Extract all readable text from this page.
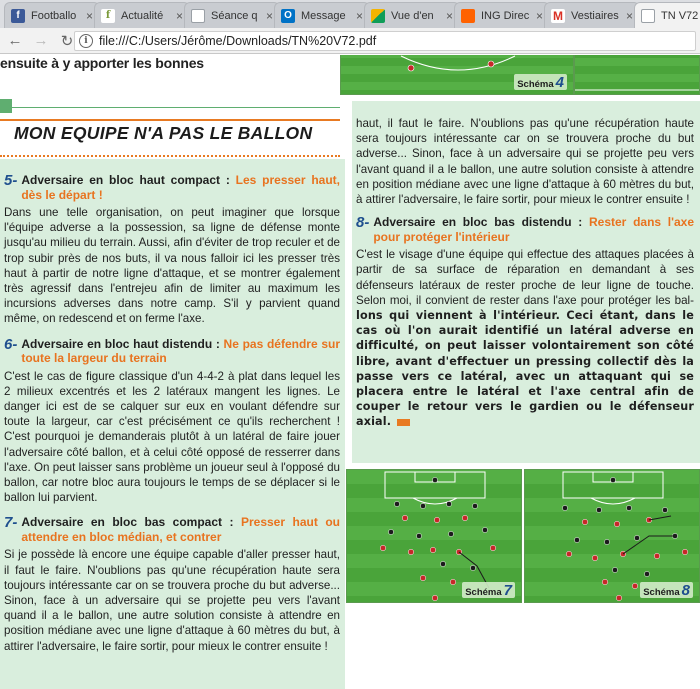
f	Footballo ×	f Actualité	×	Séance q ×	O Message ×	Vue d'en	×	ING Direc × M Vestiaires ×	TN V72
← → ↻	i file:///C:/Users/Jérôme/Downloads/TN%20V72.pdf
ensuite à y apporter les bonnes
MON EQUIPE N'A PAS LE BALLON
5- Adversaire en bloc haut compact : Les presser haut, dès le départ !

Dans une telle organisation, on peut imaginer que lorsque l'équipe adverse a la possession, sa ligne de défense monte jusqu'au milieu du terrain. Aussi, afin d'éviter de trop reculer et de trop subir près de nos buts, il va nous falloir ici les presser très haut à partir de notre ligne d'attaque, et se montrer également très agressif dans l'entrejeu afin de limiter au maximum les incursions adverses dans notre camp. S'il y parvient quand même, on redescend et on ferme l'axe.

6- Adversaire en bloc haut distendu : Ne pas défendre sur toute la largeur du terrain

C'est le cas de figure classique d'un 4-4-2 à plat dans lequel les 2 milieux excentrés et les 2 latéraux mangent les lignes. Le danger ici est de se calquer sur eux en voulant défendre sur toute la largeur, car c'est précisément ce qu'ils recherchent ! C'est pourquoi je demanderais plutôt à un latéral de faire jouer l'adversaire côté ballon, et à celui côté opposé de resserrer dans l'axe. On peut laisser sans problème un joueur seul à l'opposé du ballon, car notre bloc aura toujours le temps de se déplacer si le ballon lui parvient.

7- Adversaire en bloc bas compact : Presser haut ou attendre en bloc médian, et contrer

Si je possède là encore une équipe capable d'aller presser haut, il faut le faire. N'oublions pas qu'une récupération haute sera toujours intéressante car on se trouvera proche du but adverse... Sinon, face à un adversaire qui se projette peu vers l'avant quand il a le ballon, une autre solution consiste à attendre en position médiane avec une ligne d'attaque à 60 mètres du but, à attirer l'adversaire, le faire sortir, pour mieux le contrer ensuite !

Schéma 4

haut, il faut le faire. N'oublions pas qu'une récupération haute sera toujours intéressante car on se trouvera proche du but adverse... Sinon, face à un adversaire qui se projette peu vers l'avant quand il a le ballon, une autre solution consiste à attendre en position médiane avec une ligne d'attaque à 60 mètres du but, à attirer l'adversaire, le faire sortir, pour mieux le contrer ensuite !

8- Adversaire en bloc bas distendu : Rester dans l'axe pour protéger l'intérieur

C'est le visage d'une équipe qui effectue des attaques placées à partir de sa surface de réparation en demandant à ses défenseurs latéraux de rester proche de leur ligne de touche. Selon moi, il convient de rester dans l'axe pour protéger les bal- lons qui viennent à l'intérieur. Ceci étant, dans le cas où l'on aurait identifié un latéral adverse en difficulté, on peut laisser volontairement son côté libre, avant d'effectuer un pressing collectif dès la passe vers ce latéral, avec un attaquant qui se placera entre le latéral et l'axe central afin de couper le retour vers le gardien ou le défenseur axial.

Schéma 7	Schéma 8
